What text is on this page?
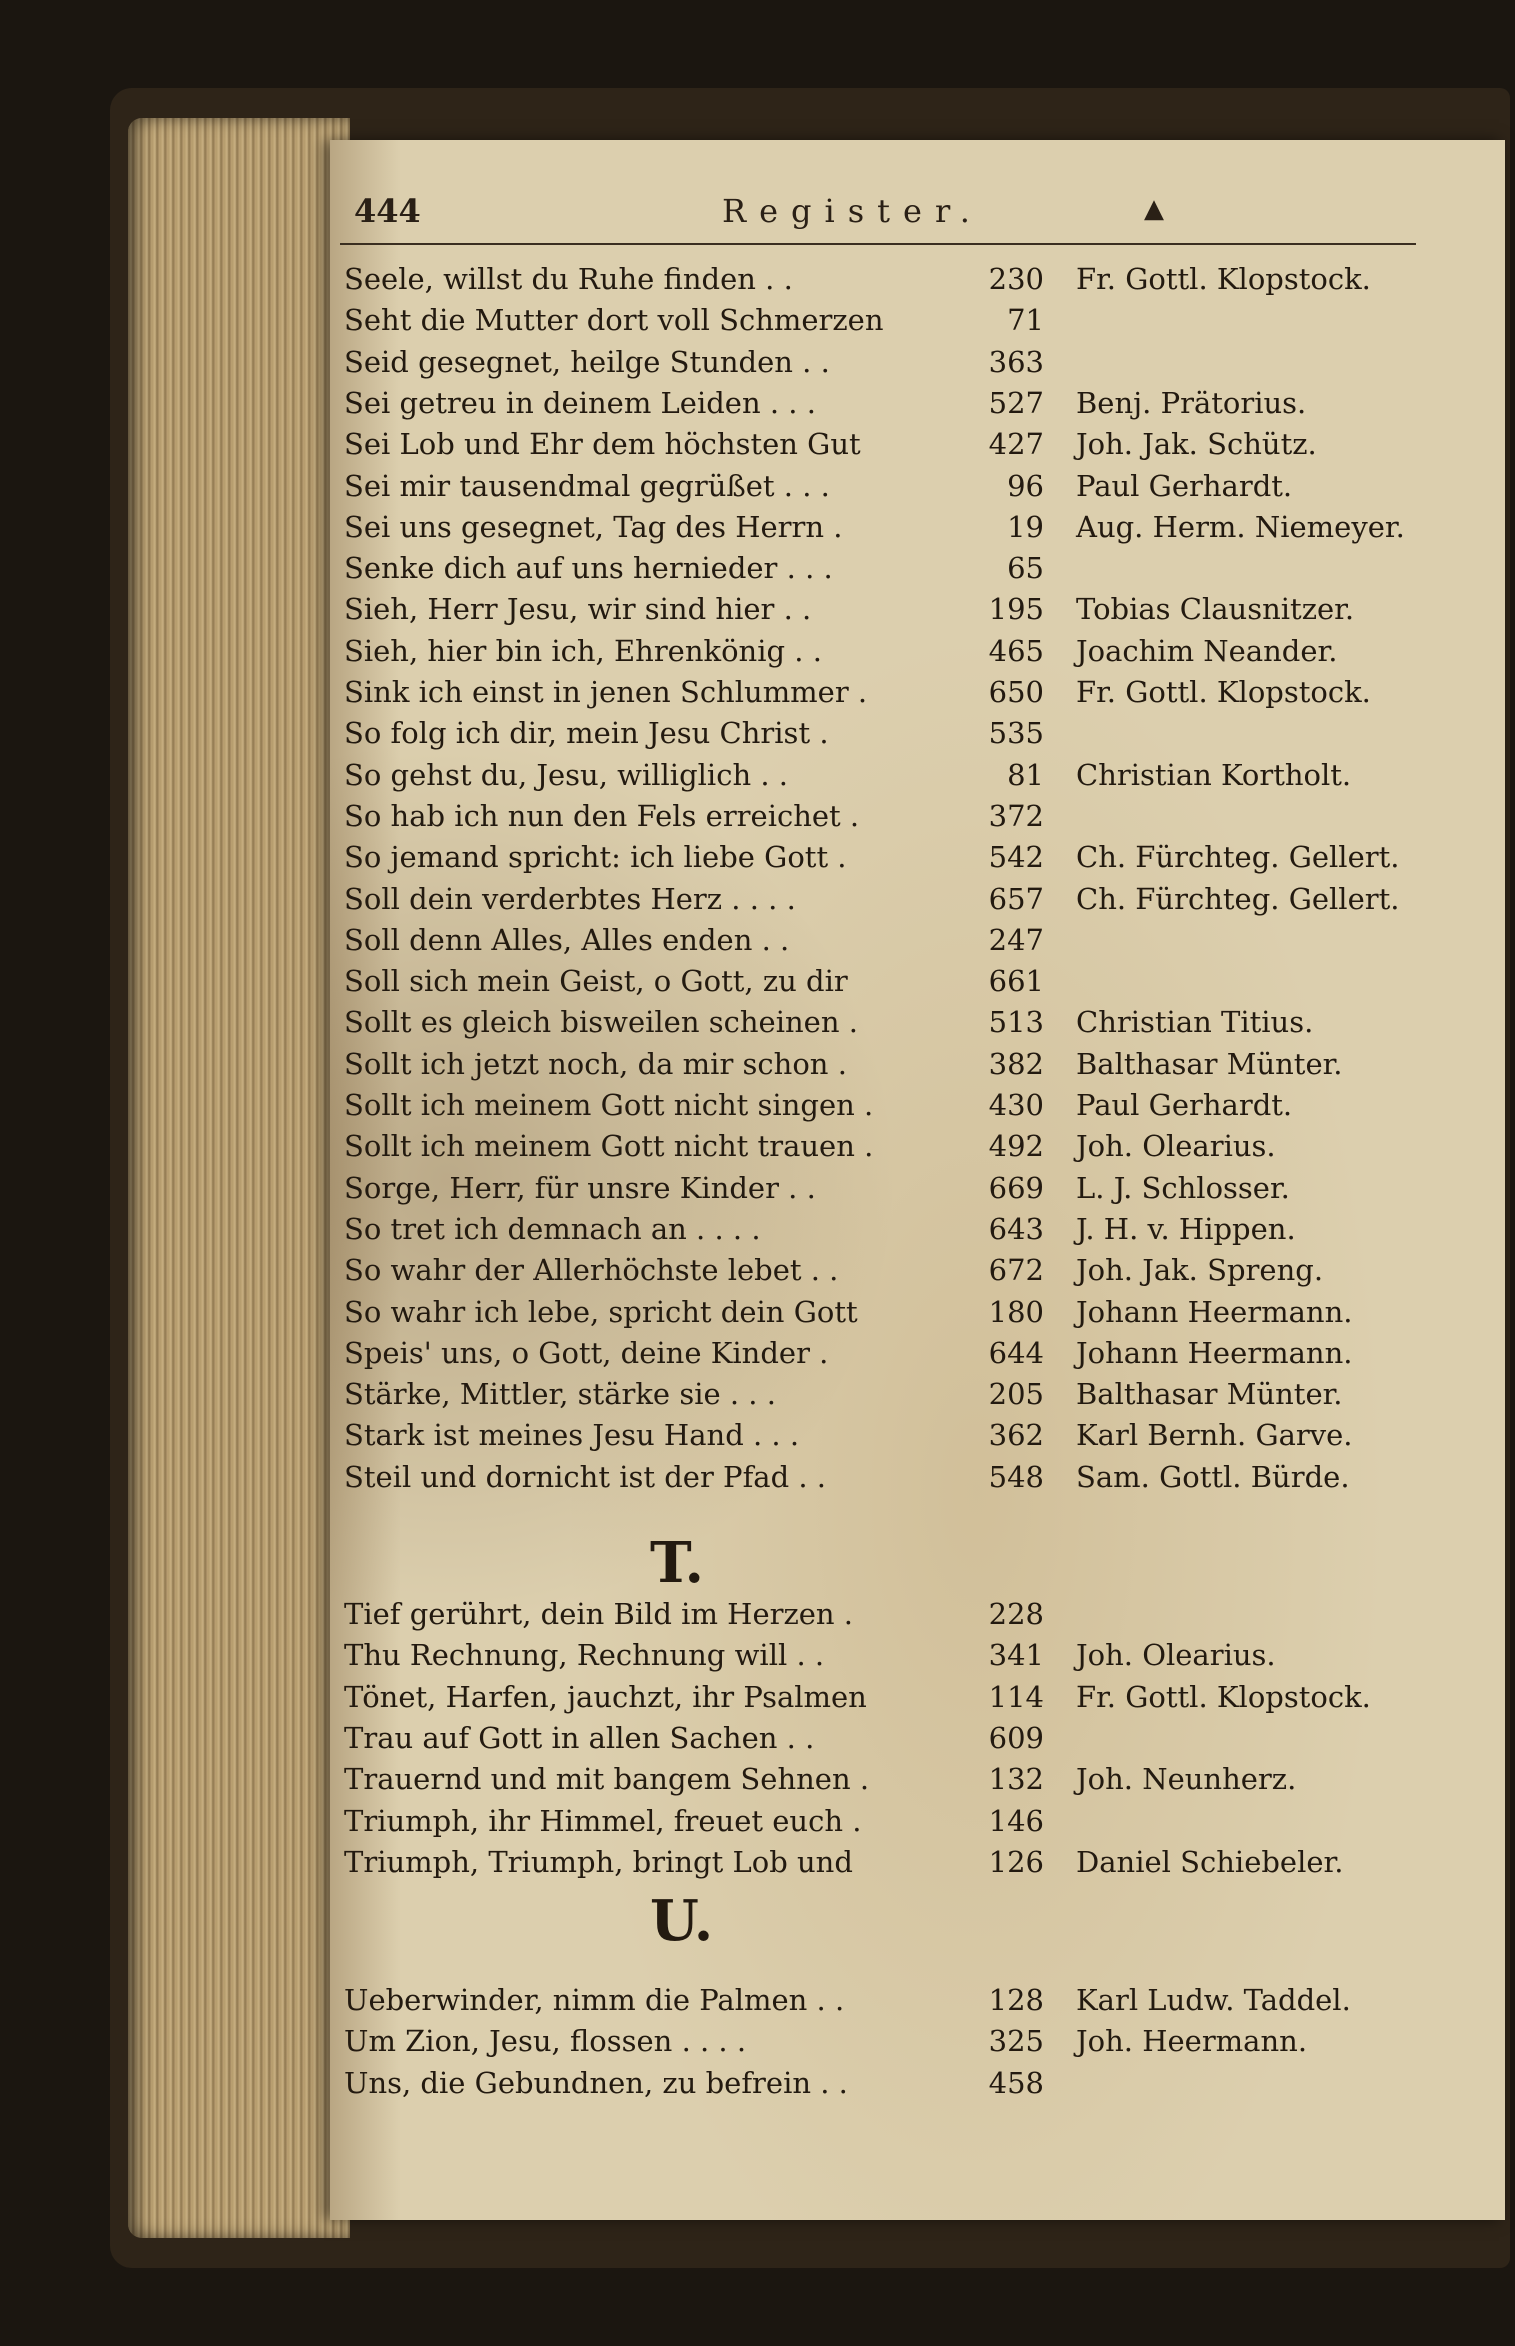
444	Register.	▲
Seele, willst du Ruhe finden . .	230 Fr. Gottl. Klopstock.
Seht die Mutter dort voll Schmerzen	71
Seid gesegnet, heilge Stunden . .	363
Sei getreu in deinem Leiden . . .	527 Benj. Prätorius.
Sei Lob und Ehr dem höchsten Gut	427 Joh. Jak. Schütz.
Sei mir tausendmal gegrüßet . . .	96 Paul Gerhardt.
Sei uns gesegnet, Tag des Herrn .	19 Aug. Herm. Niemeyer.
Senke dich auf uns hernieder . . .	65
Sieh, Herr Jesu, wir sind hier . .	195 Tobias Clausnitzer.
Sieh, hier bin ich, Ehrenkönig . .	465 Joachim Neander.
Sink ich einst in jenen Schlummer .	650 Fr. Gottl. Klopstock.
So folg ich dir, mein Jesu Christ .	535
So gehst du, Jesu, williglich . .	81 Christian Kortholt.
So hab ich nun den Fels erreichet .	372
So jemand spricht: ich liebe Gott .	542 Ch. Fürchteg. Gellert.
Soll dein verderbtes Herz . . . .	657 Ch. Fürchteg. Gellert.
Soll denn Alles, Alles enden . .	247
Soll sich mein Geist, o Gott, zu dir	661
Sollt es gleich bisweilen scheinen .	513 Christian Titius.
Sollt ich jetzt noch, da mir schon .	382 Balthasar Münter.
Sollt ich meinem Gott nicht singen .	430 Paul Gerhardt.
Sollt ich meinem Gott nicht trauen .	492 Joh. Olearius.
Sorge, Herr, für unsre Kinder . .	669 L. J. Schlosser.
So tret ich demnach an . . . .	643 J. H. v. Hippen.
So wahr der Allerhöchste lebet . .	672 Joh. Jak. Spreng.
So wahr ich lebe, spricht dein Gott	180 Johann Heermann.
Speis' uns, o Gott, deine Kinder .	644 Johann Heermann.
Stärke, Mittler, stärke sie . . .	205 Balthasar Münter.
Stark ist meines Jesu Hand . . .	362 Karl Bernh. Garve.
Steil und dornicht ist der Pfad . .	548 Sam. Gottl. Bürde.
Tief gerührt, dein Bild im Herzen .	228
Thu Rechnung, Rechnung will . .	341 Joh. Olearius.
Tönet, Harfen, jauchzt, ihr Psalmen	114 Fr. Gottl. Klopstock.
Trau auf Gott in allen Sachen . .	609
Trauernd und mit bangem Sehnen .	132 Joh. Neunherz.
Triumph, ihr Himmel, freuet euch .	146
Triumph, Triumph, bringt Lob und	126 Daniel Schiebeler.
Ueberwinder, nimm die Palmen . .	128 Karl Ludw. Taddel.
Um Zion, Jesu, flossen . . . .	325 Joh. Heermann.
Uns, die Gebundnen, zu befrein . .	458
T.
U.
